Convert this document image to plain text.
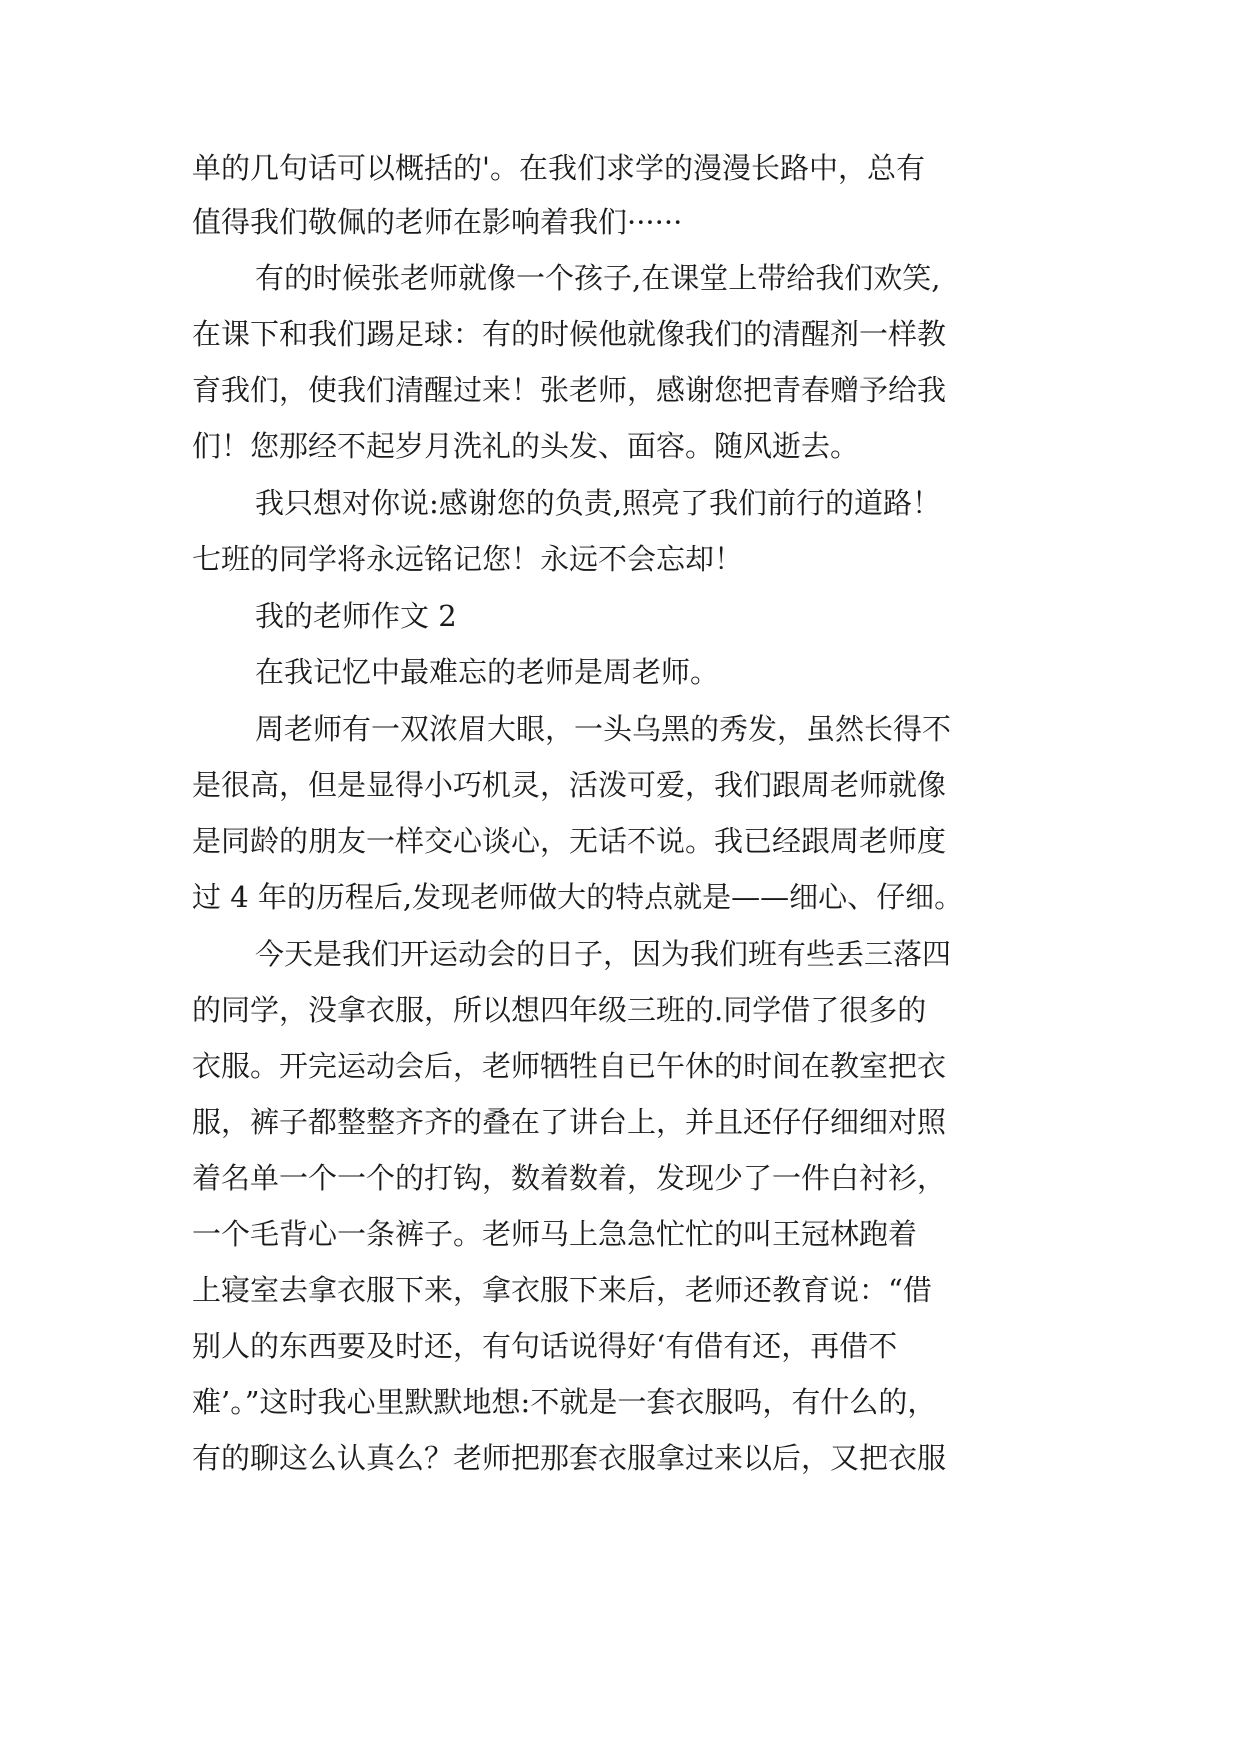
单的几句话可以概括的'。在我们求学的漫漫长路中，总有

值得我们敬佩的老师在影响着我们······

有的时候张老师就像一个孩子,在课堂上带给我们欢笑,

在课下和我们踢足球：有的时候他就像我们的清醒剂一样教

育我们，使我们清醒过来！张老师，感谢您把青春赠予给我

们！您那经不起岁月洗礼的头发、面容。随风逝去。

我只想对你说:感谢您的负责,照亮了我们前行的道路！

七班的同学将永远铭记您！永远不会忘却！

我的老师作文 2

在我记忆中最难忘的老师是周老师。

周老师有一双浓眉大眼，一头乌黑的秀发，虽然长得不

是很高，但是显得小巧机灵，活泼可爱，我们跟周老师就像

是同龄的朋友一样交心谈心，无话不说。我已经跟周老师度

过 4 年的历程后,发现老师做大的特点就是——细心、仔细。

今天是我们开运动会的日子，因为我们班有些丢三落四

的同学，没拿衣服，所以想四年级三班的.同学借了很多的

衣服。开完运动会后，老师牺牲自已午休的时间在教室把衣

服，裤子都整整齐齐的叠在了讲台上，并且还仔仔细细对照

着名单一个一个的打钩，数着数着，发现少了一件白衬衫，

一个毛背心一条裤子。老师马上急急忙忙的叫王冠林跑着

上寝室去拿衣服下来，拿衣服下来后，老师还教育说：“借

别人的东西要及时还，有句话说得好‘有借有还，再借不

难’。”这时我心里默默地想:不就是一套衣服吗，有什么的，

有的聊这么认真么？老师把那套衣服拿过来以后，又把衣服
